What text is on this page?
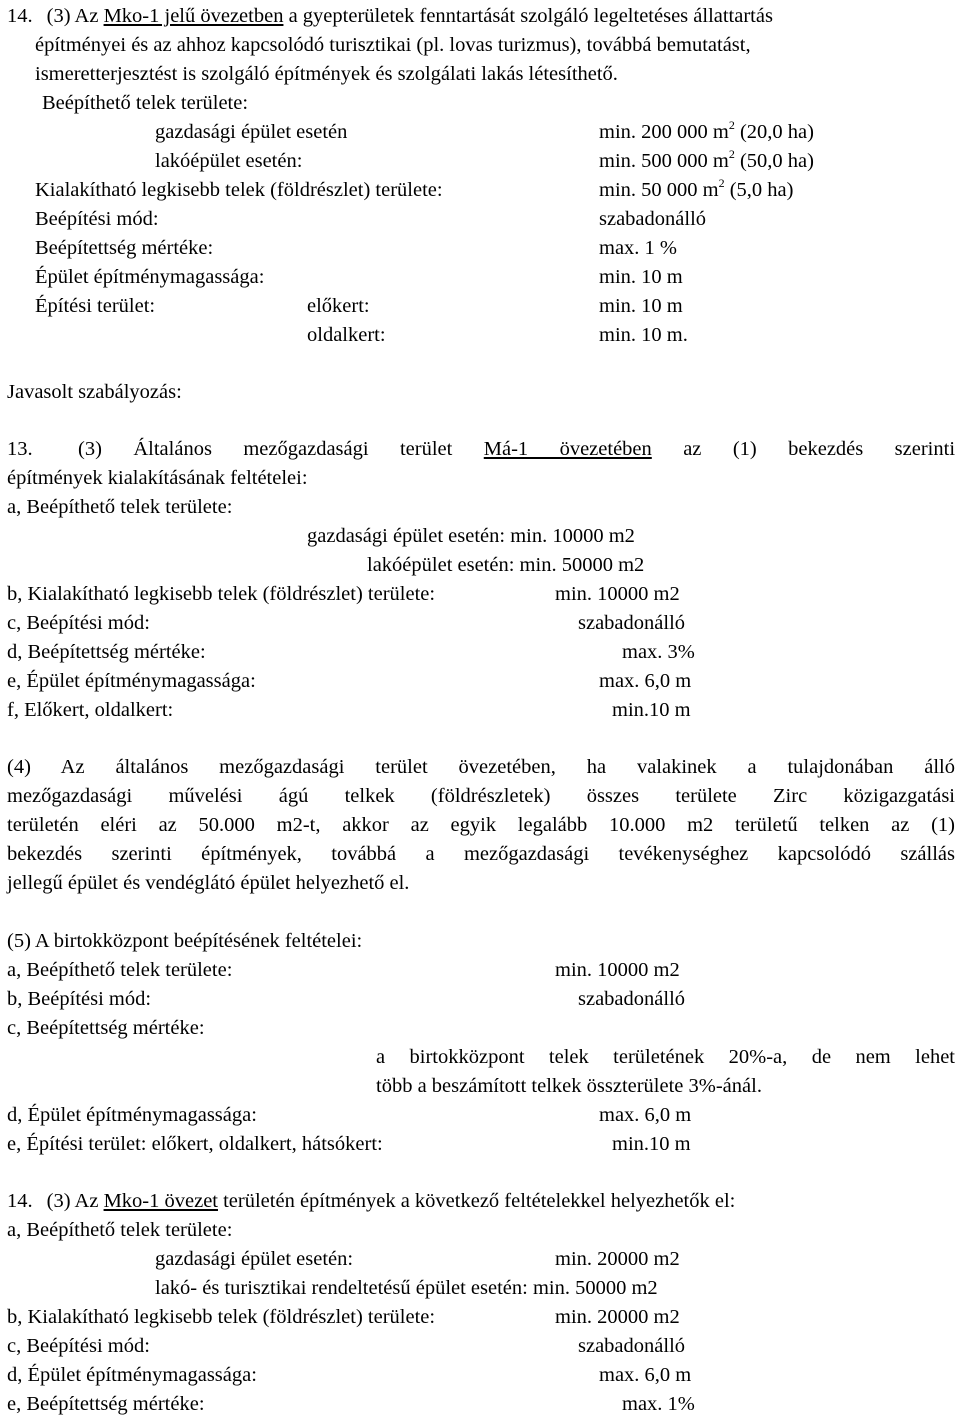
14. (3) Az Mko-1 jelű övezetben a gyepterületek fenntartását szolgáló legeltetéses állattartás
építményei és az ahhoz kapcsolódó turisztikai (pl. lovas turizmus), továbbá bemutatást,
ismeretterjesztést is szolgáló építmények és szolgálati lakás létesíthető.
Beépíthető telek területe:
gazdasági épület esetén	min. 200 000 $m^2$ (20,0 ha)
lakóépület esetén:	min. 500 000 $m^2$ (50,0 ha)
Kialakítható legkisebb telek (földrészlet) területe:	min. 50 000 $m^2$ (5,0 ha)
Beépítési mód:	szabadonálló
Beépítettség mértéke:	max. 1 %
Épület építménymagassága:	min. 10 m
Építési terület:	előkert:	min. 10 m
oldalkert:	min. 10 m.
Javasolt szabályozás:
13. (3) Általános mezőgazdasági terület Má-1 övezetében az (1) bekezdés szerinti
építmények kialakításának feltételei:
a, Beépíthető telek területe:
gazdasági épület esetén: min. 10000 m2
lakóépület esetén: min. 50000 m2
b, Kialakítható legkisebb telek (földrészlet) területe:	min. 10000 m2
c, Beépítési mód:	szabadonálló
d, Beépítettség mértéke:	max. 3%
e, Épület építménymagassága:	max. 6,0 m
f, Előkert, oldalkert:	min.10 m
(4) Az általános mezőgazdasági terület övezetében, ha valakinek a tulajdonában álló
mezőgazdasági művelési ágú telkek (földrészletek) összes területe Zirc közigazgatási
területén eléri az 50.000 m2-t, akkor az egyik legalább 10.000 m2 területű telken az (1)
bekezdés szerinti építmények, továbbá a mezőgazdasági tevékenységhez kapcsolódó szállás
jellegű épület és vendéglátó épület helyezhető el.
(5) A birtokközpont beépítésének feltételei:
a, Beépíthető telek területe:	min. 10000 m2
b, Beépítési mód:	szabadonálló
c, Beépítettség mértéke:
a birtokközpont telek területének 20%-a, de nem lehet
több a beszámított telkek összterülete 3%-ánál.
d, Épület építménymagassága:	max. 6,0 m
e, Építési terület: előkert, oldalkert, hátsókert:	min.10 m
14. (3) Az Mko-1 övezet területén építmények a következő feltételekkel helyezhetők el:
a, Beépíthető telek területe:
gazdasági épület esetén:	min. 20000 m2
lakó- és turisztikai rendeltetésű épület esetén: min. 50000 m2
b, Kialakítható legkisebb telek (földrészlet) területe:	min. 20000 m2
c, Beépítési mód:	szabadonálló
d, Épület építménymagassága:	max. 6,0 m
e, Beépítettség mértéke:	max. 1%
